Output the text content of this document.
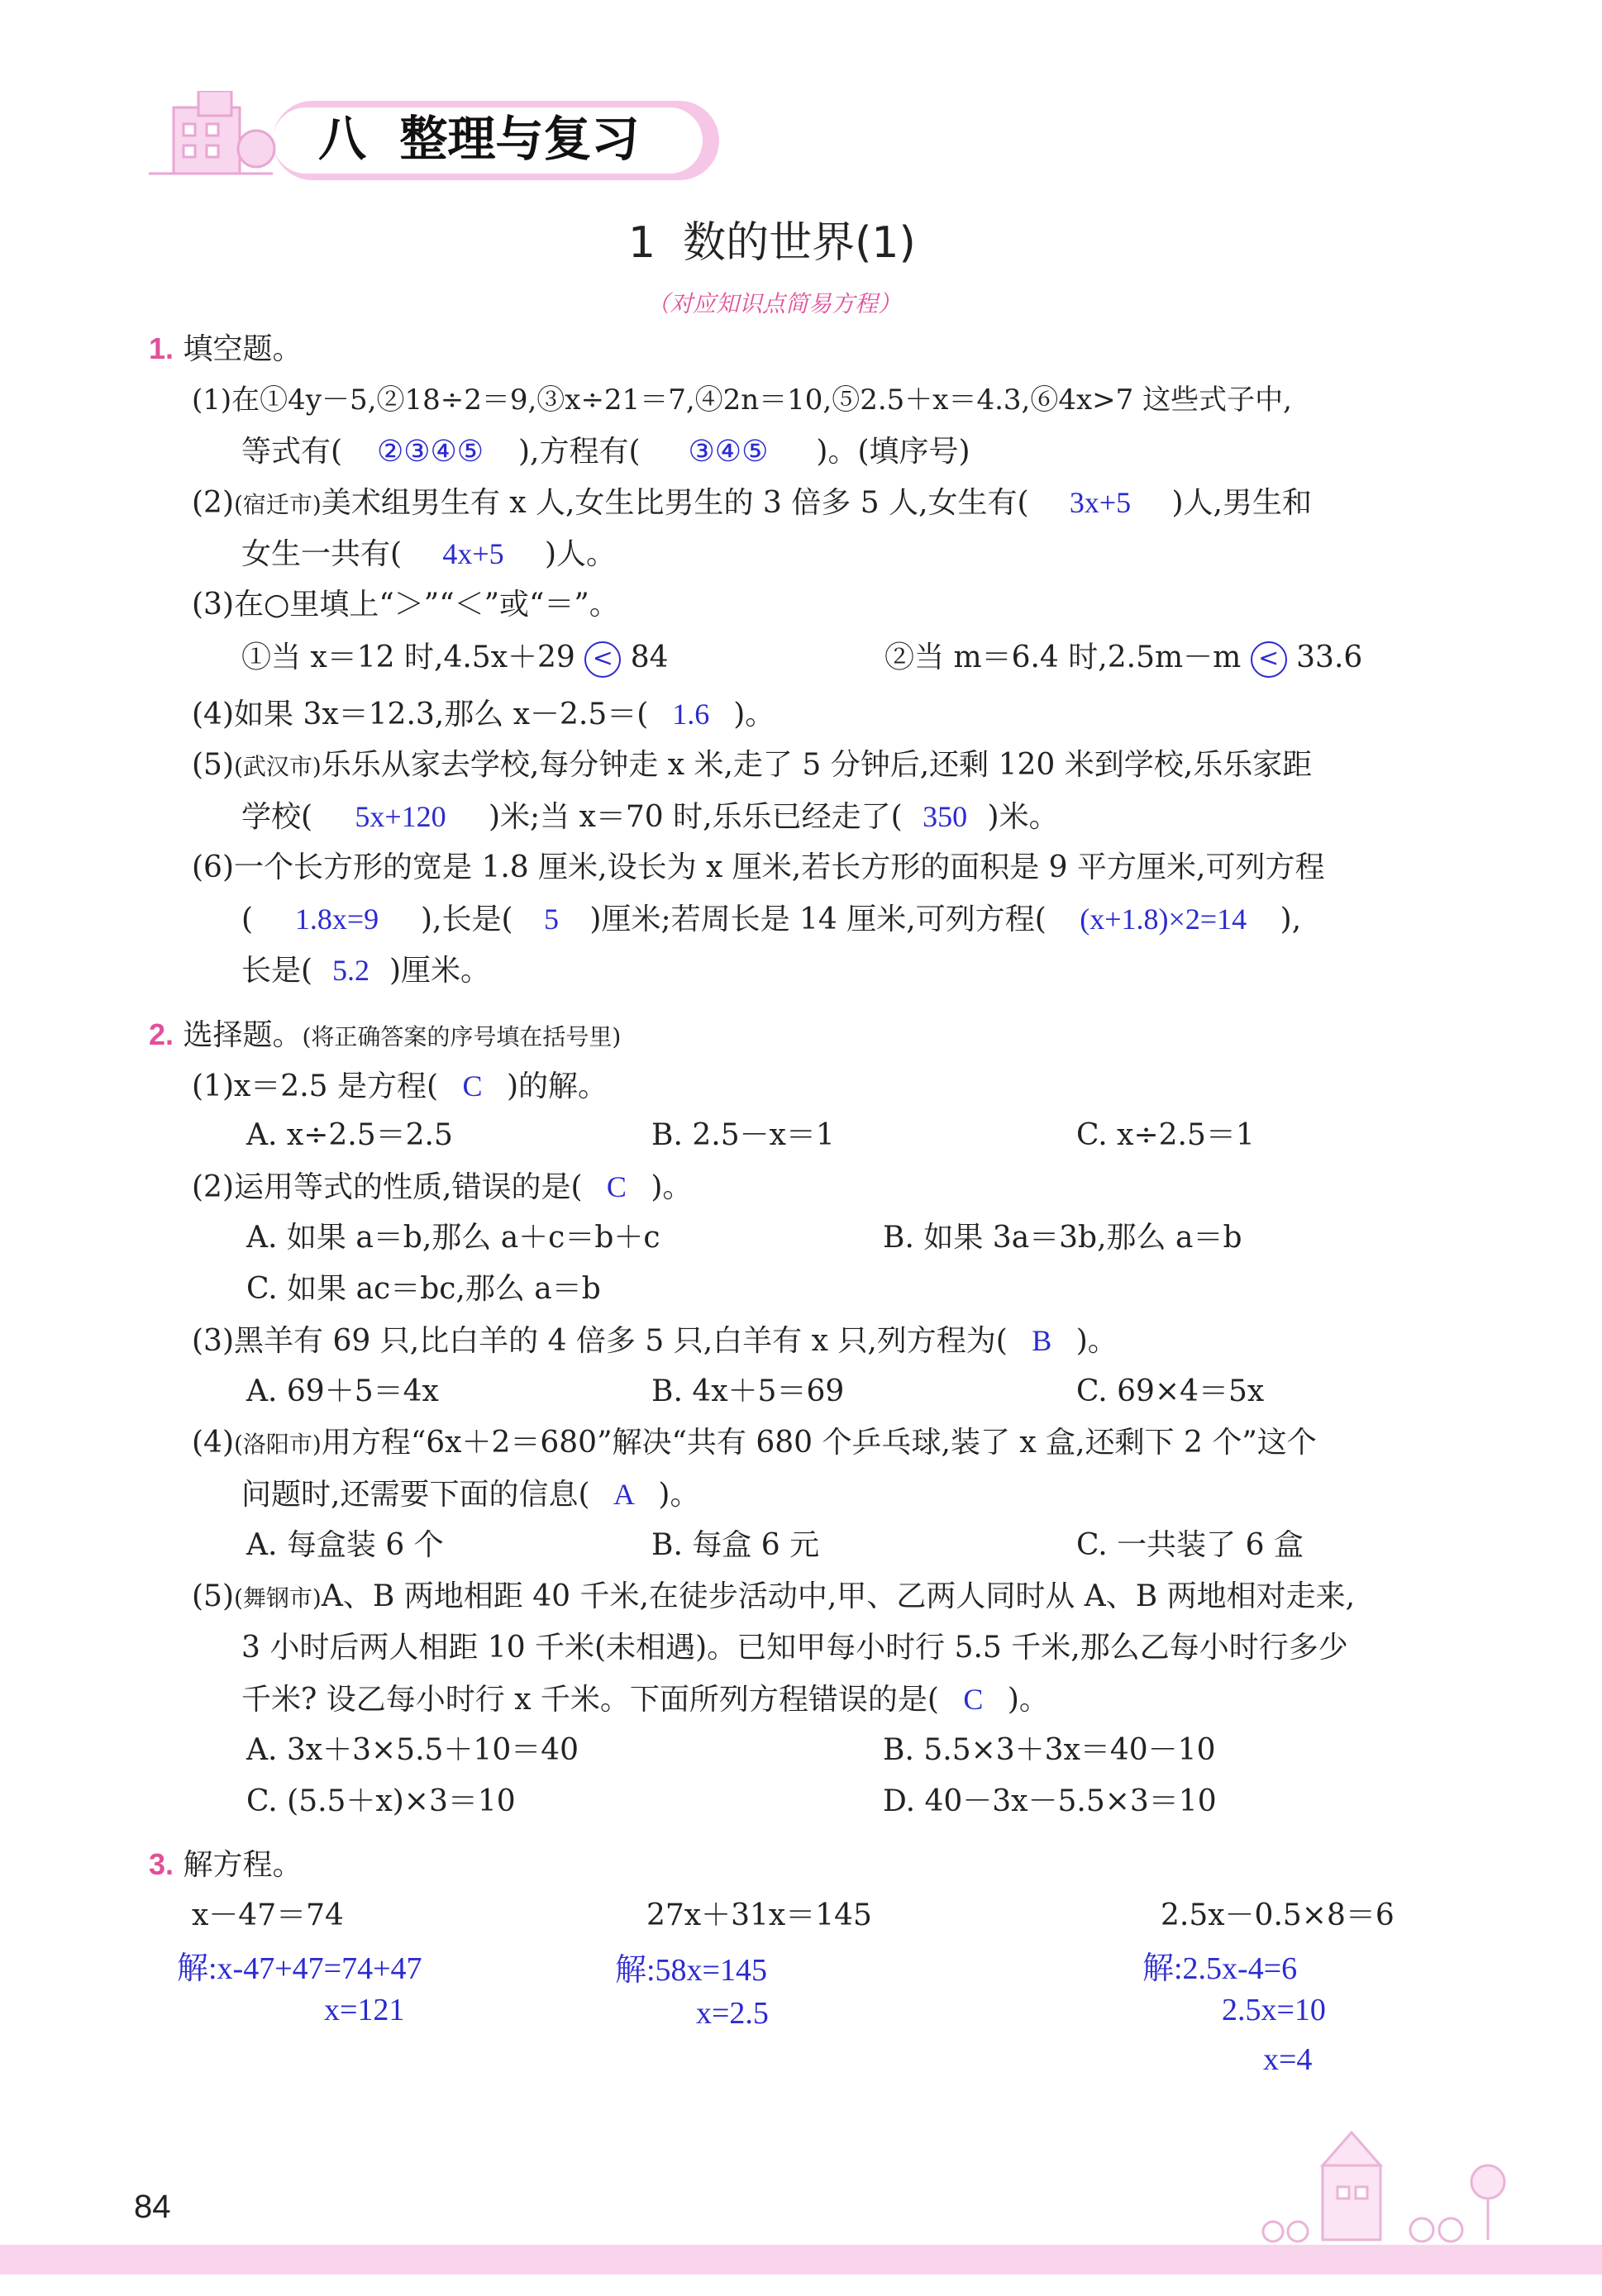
八  整理与复习
1  数的世界(1)
（对应知识点简易方程）
1. 填空题。
(1)在①4y－5,②18÷2＝9,③x÷21＝7,④2n＝10,⑤2.5＋x＝4.3,⑥4x>7 这些式子中,
等式有( ②③④⑤ ),方程有( ③④⑤ )。(填序号)
(2)(宿迁市)美术组男生有 x 人,女生比男生的 3 倍多 5 人,女生有( 3x+5 )人,男生和
女生一共有( 4x+5 )人。
(3)在○里填上“＞”“＜”或“＝”。
①当 x＝12 时,4.5x＋29 < 84	②当 m＝6.4 时,2.5m－m < 33.6
(4)如果 3x＝12.3,那么 x－2.5＝( 1.6 )。
(5)(武汉市)乐乐从家去学校,每分钟走 x 米,走了 5 分钟后,还剩 120 米到学校,乐乐家距
学校( 5x+120 )米;当 x＝70 时,乐乐已经走了( 350 )米。
(6)一个长方形的宽是 1.8 厘米,设长为 x 厘米,若长方形的面积是 9 平方厘米,可列方程
( 1.8x=9 ),长是( 5 )厘米;若周长是 14 厘米,可列方程( (x+1.8)×2=14 ),
长是( 5.2 )厘米。
2. 选择题。(将正确答案的序号填在括号里)
(1)x＝2.5 是方程( C )的解。
A. x÷2.5＝2.5	B. 2.5－x＝1	C. x÷2.5＝1
(2)运用等式的性质,错误的是( C )。
A. 如果 a＝b,那么 a＋c＝b＋c	B. 如果 3a＝3b,那么 a＝b
C. 如果 ac＝bc,那么 a＝b
(3)黑羊有 69 只,比白羊的 4 倍多 5 只,白羊有 x 只,列方程为( B )。
A. 69＋5＝4x	B. 4x＋5＝69	C. 69×4＝5x
(4)(洛阳市)用方程“6x＋2＝680”解决“共有 680 个乒乓球,装了 x 盒,还剩下 2 个”这个
问题时,还需要下面的信息( A )。
A. 每盒装 6 个	B. 每盒 6 元	C. 一共装了 6 盒
(5)(舞钢市)A、B 两地相距 40 千米,在徒步活动中,甲、乙两人同时从 A、B 两地相对走来,
3 小时后两人相距 10 千米(未相遇)。已知甲每小时行 5.5 千米,那么乙每小时行多少
千米? 设乙每小时行 x 千米。下面所列方程错误的是( C )。
A. 3x＋3×5.5＋10＝40	B. 5.5×3＋3x＝40－10
C. (5.5＋x)×3＝10	D. 40－3x－5.5×3＝10
3. 解方程。
x－47＝74
解:x-47+47=74+47
x=121
27x＋31x＝145
解:58x=145
x=2.5
2.5x－0.5×8＝6
解:2.5x-4=6
2.5x=10
x=4
84
